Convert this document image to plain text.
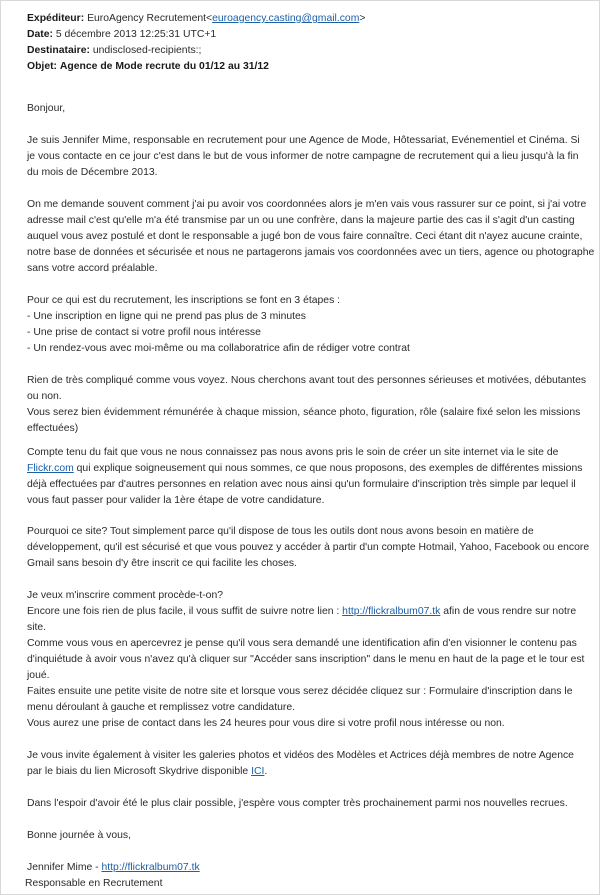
Expéditeur: EuroAgency Recrutement<euroagency.casting@gmail.com>
Date: 5 décembre 2013 12:25:31 UTC+1
Destinataire: undisclosed-recipients:;
Objet: Agence de Mode recrute du 01/12 au 31/12
Bonjour,
Je suis Jennifer Mime, responsable en recrutement pour une Agence de Mode, Hôtessariat, Evénementiel et Cinéma. Si
je vous contacte en ce jour c'est dans le but de vous informer de notre campagne de recrutement qui a lieu jusqu'à la fin
du mois de Décembre 2013.
On me demande souvent comment j'ai pu avoir vos coordonnées alors je m'en vais vous rassurer sur ce point, si j'ai votre
adresse mail c'est qu'elle m'a été transmise par un ou une confrère, dans la majeure partie des cas il s'agit d'un casting
auquel vous avez postulé et dont le responsable a jugé bon de vous faire connaître. Ceci étant dit n'ayez aucune crainte,
notre base de données et sécurisée et nous ne partagerons jamais vos coordonnées avec un tiers, agence ou photographe
sans votre accord préalable.
Pour ce qui est du recrutement, les inscriptions se font en 3 étapes :
- Une inscription en ligne qui ne prend pas plus de 3 minutes
- Une prise de contact si votre profil nous intéresse
- Un rendez-vous avec moi-même ou ma collaboratrice afin de rédiger votre contrat
Rien de très compliqué comme vous voyez. Nous cherchons avant tout des personnes sérieuses et motivées, débutantes
ou non.
Vous serez bien évidemment rémunérée à chaque mission, séance photo, figuration, rôle (salaire fixé selon les missions
effectuées)
Compte tenu du fait que vous ne nous connaissez pas nous avons pris le soin de créer un site internet via le site de
Flickr.com qui explique soigneusement qui nous sommes, ce que nous proposons, des exemples de différentes missions
déjà effectuées par d'autres personnes en relation avec nous ainsi qu'un formulaire d'inscription très simple par lequel il
vous faut passer pour valider la 1ère étape de votre candidature.
Pourquoi ce site? Tout simplement parce qu'il dispose de tous les outils dont nous avons besoin en matière de
développement, qu'il est sécurisé et que vous pouvez y accéder à partir d'un compte Hotmail, Yahoo, Facebook ou encore
Gmail sans besoin d'y être inscrit ce qui facilite les choses.
Je veux m'inscrire comment procède-t-on?
Encore une fois rien de plus facile, il vous suffit de suivre notre lien : http://flickralbum07.tk afin de vous rendre sur notre
site.
Comme vous vous en apercevrez je pense qu'il vous sera demandé une identification afin d'en visionner le contenu pas
d'inquiétude à avoir vous n'avez qu'à cliquer sur "Accéder sans inscription" dans le menu en haut de la page et le tour est
joué.
Faites ensuite une petite visite de notre site et lorsque vous serez décidée cliquez sur : Formulaire d'inscription dans le
menu déroulant à gauche et remplissez votre candidature.
Vous aurez une prise de contact dans les 24 heures pour vous dire si votre profil nous intéresse ou non.
Je vous invite également à visiter les galeries photos et vidéos des Modèles et Actrices déjà membres de notre Agence
par le biais du lien Microsoft Skydrive disponible ICI.
Dans l'espoir d'avoir été le plus clair possible, j'espère vous compter très prochainement parmi nos nouvelles recrues.
Bonne journée à vous,
Jennifer Mime - http://flickralbum07.tk
Responsable en Recrutement
